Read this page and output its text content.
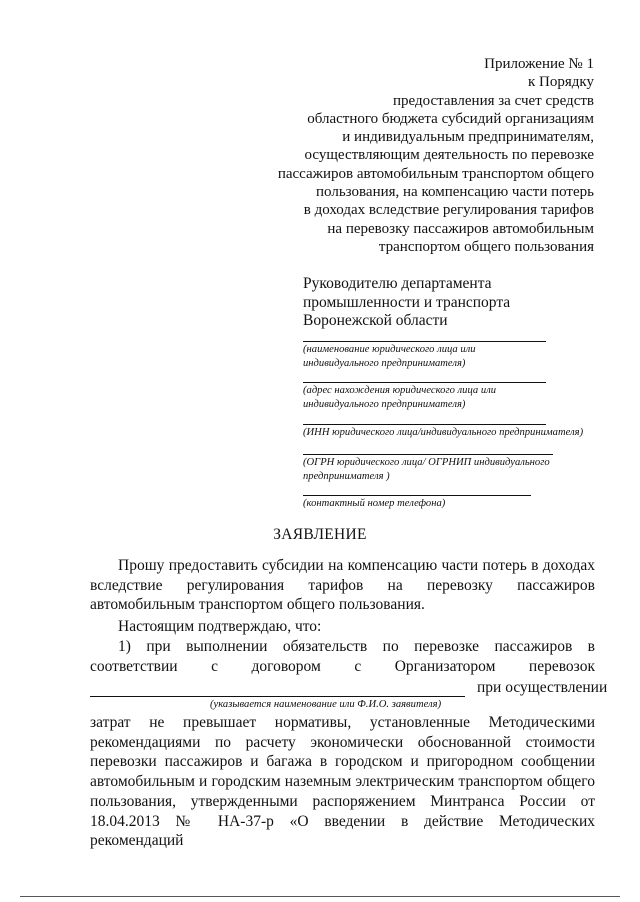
Приложение № 1
к Порядку
предоставления за счет средств
областного бюджета субсидий организациям
и индивидуальным предпринимателям,
осуществляющим деятельность по перевозке
пассажиров автомобильным транспортом общего
пользования, на компенсацию части потерь
в доходах вследствие регулирования тарифов
на перевозку пассажиров автомобильным
транспортом общего пользования
Руководителю департамента
промышленности и транспорта
Воронежской области
(наименование юридического лица или индивидуального предпринимателя)
(адрес нахождения юридического лица или индивидуального предпринимателя)
(ИНН юридического лица/индивидуального предпринимателя)
(ОГРН юридического лица/ ОГРНИП индивидуального предпринимателя )
(контактный номер телефона)
ЗАЯВЛЕНИЕ
Прошу предоставить субсидии на компенсацию части потерь в доходах вследствие регулирования тарифов на перевозку пассажиров автомобильным транспортом общего пользования.
Настоящим подтверждаю, что:
1) при выполнении обязательств по перевозке пассажиров в
соответствии с договором с Организатором перевозок
при осуществлении
(указывается наименование или Ф.И.О. заявителя)
затрат не превышает нормативы, установленные Методическими рекомендациями по расчету экономически обоснованной стоимости перевозки пассажиров и багажа в городском и пригородном сообщении автомобильным и городским наземным электрическим транспортом общего пользования, утвержденными распоряжением Минтранса России от 18.04.2013 № НА-37-р «О введении в действие Методических рекомендаций
